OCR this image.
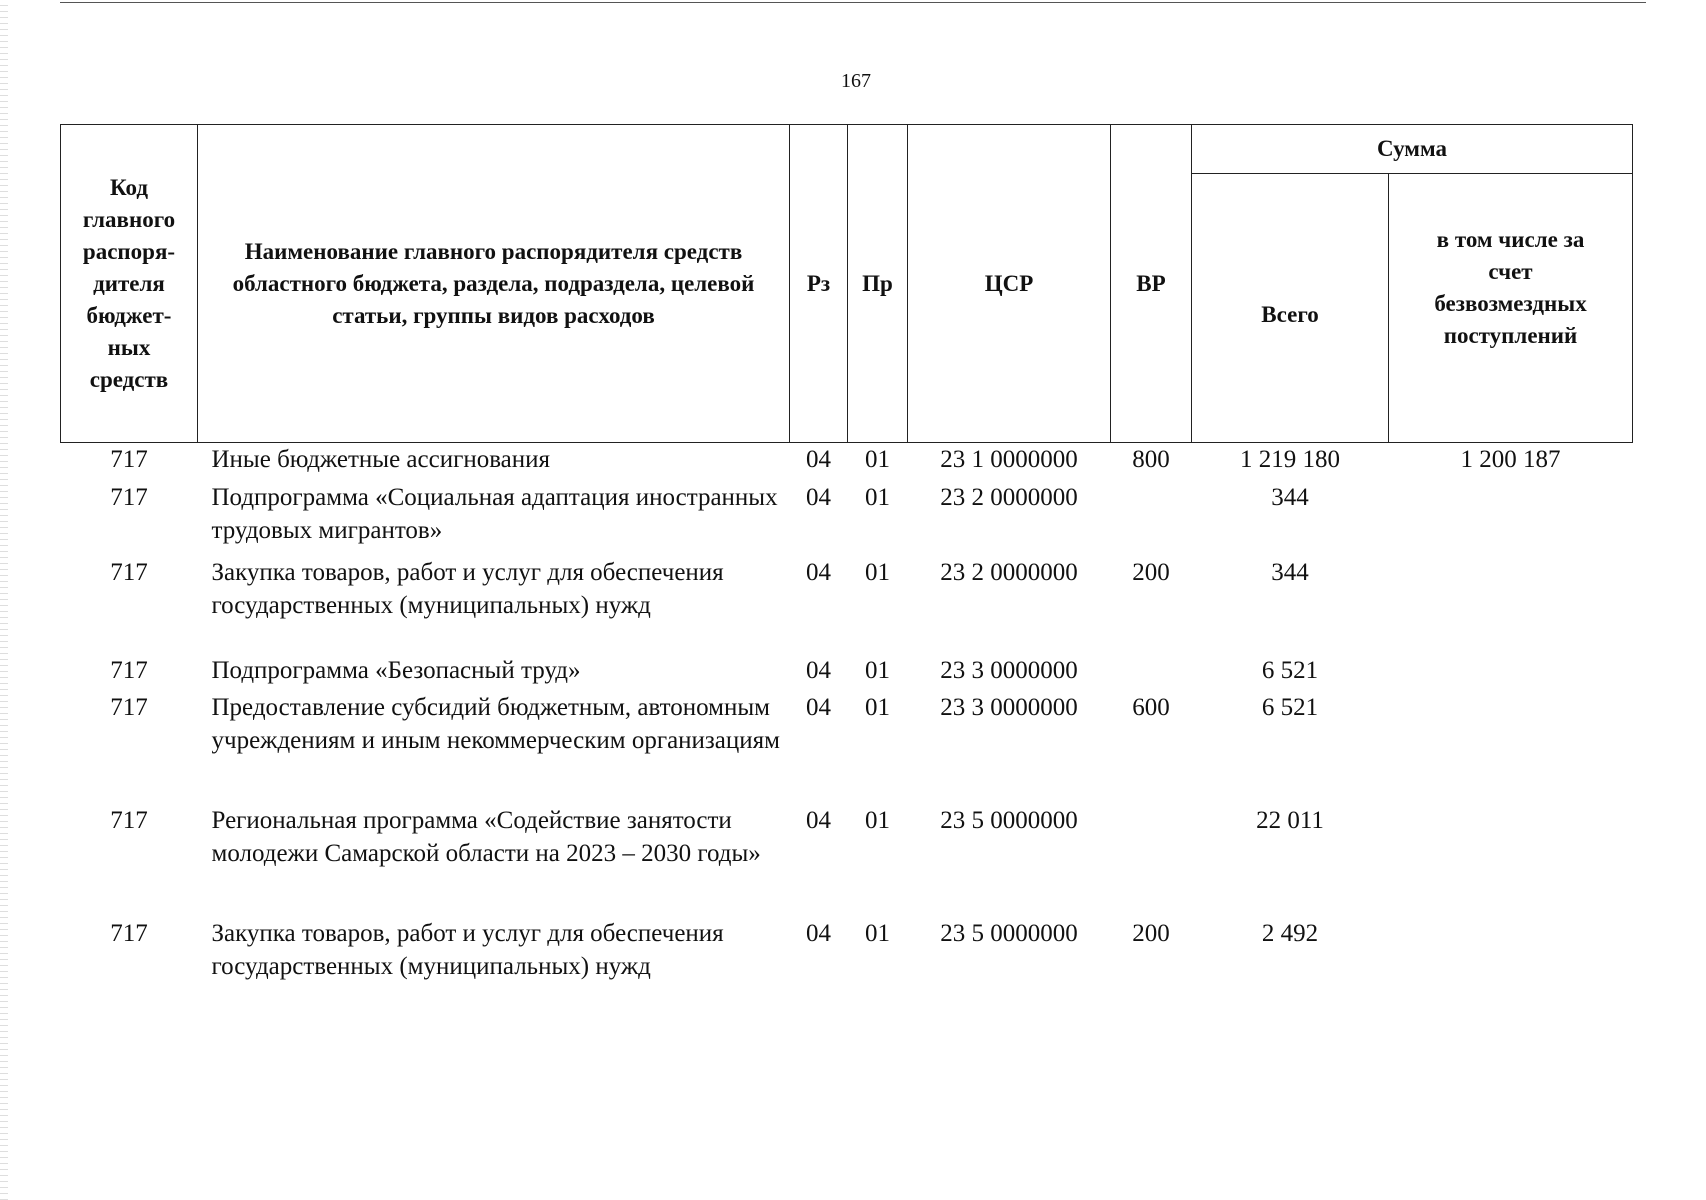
167
Код главного распоря-дителя бюджет-ных средств	Наименование главного распорядителя средств областного бюджета, раздела, подраздела, целевой статьи, группы видов расходов	Рз	Пр	ЦСР	ВР	Сумма	

						Всего	в том числе за счет безвозмездных поступлений

717	Иные бюджетные ассигнования	04	01	23 1 0000000	800	1 219 180	1 200 187
717	Подпрограмма «Социальная адаптация иностранных трудовых мигрантов»	04	01	23 2 0000000		344	
717	Закупка товаров, работ и услуг для обеспечения государственных (муниципальных) нужд	04	01	23 2 0000000	200	344	
717	Подпрограмма «Безопасный труд»	04	01	23 3 0000000		6 521	
717	Предоставление субсидий бюджетным, автономным учреждениям и иным некоммерческим организациям	04	01	23 3 0000000	600	6 521	
717	Региональная программа «Содействие занятости молодежи Самарской области на 2023 – 2030 годы»	04	01	23 5 0000000		22 011	
717	Закупка товаров, работ и услуг для обеспечения государственных (муниципальных) нужд	04	01	23 5 0000000	200	2 492	
